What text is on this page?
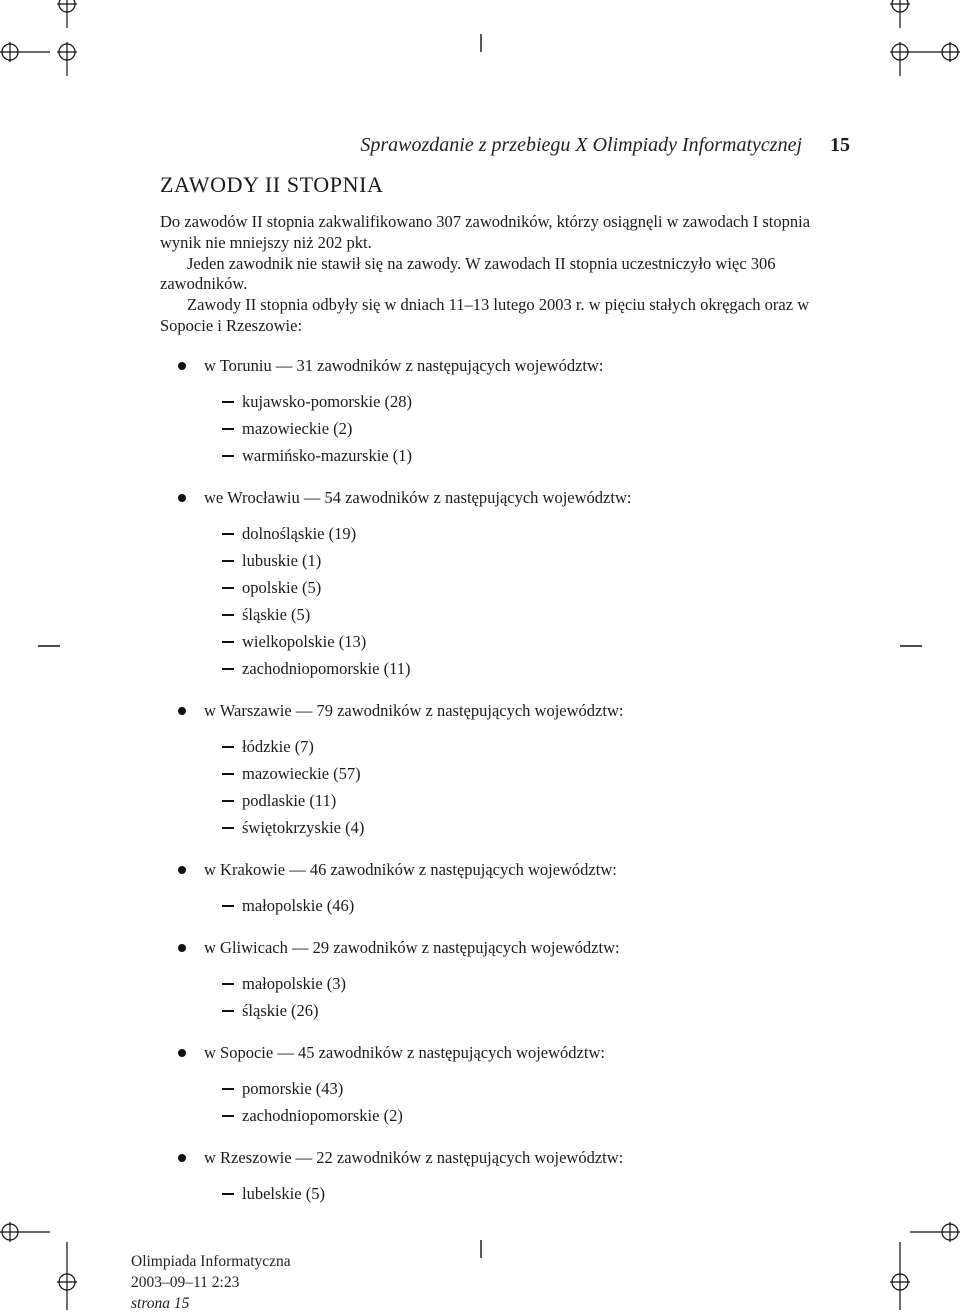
Sprawozdanie z przebiegu X Olimpiady Informatycznej 15
ZAWODY II STOPNIA

Do zawodów II stopnia zakwalifikowano 307 zawodników, którzy osiągnęli w zawodach I stopnia wynik nie mniejszy niż 202 pkt.

Jeden zawodnik nie stawił się na zawody. W zawodach II stopnia uczestniczyło więc 306 zawodników.

Zawody II stopnia odbyły się w dniach 11–13 lutego 2003 r. w pięciu stałych okręgach oraz w Sopocie i Rzeszowie:

w Toruniu — 31 zawodników z następujących województw:
kujawsko-pomorskie (28)
mazowieckie (2)
warmińsko-mazurskie (1)
we Wrocławiu — 54 zawodników z następujących województw:
dolnośląskie (19)
lubuskie (1)
opolskie (5)
śląskie (5)
wielkopolskie (13)
zachodniopomorskie (11)
w Warszawie — 79 zawodników z następujących województw:
łódzkie (7)
mazowieckie (57)
podlaskie (11)
świętokrzyskie (4)
w Krakowie — 46 zawodników z następujących województw:
małopolskie (46)
w Gliwicach — 29 zawodników z następujących województw:
małopolskie (3)
śląskie (26)
w Sopocie — 45 zawodników z następujących województw:
pomorskie (43)
zachodniopomorskie (2)
w Rzeszowie — 22 zawodników z następujących województw:
lubelskie (5)
Olimpiada Informatyczna
2003–09–11 2:23
strona 15
